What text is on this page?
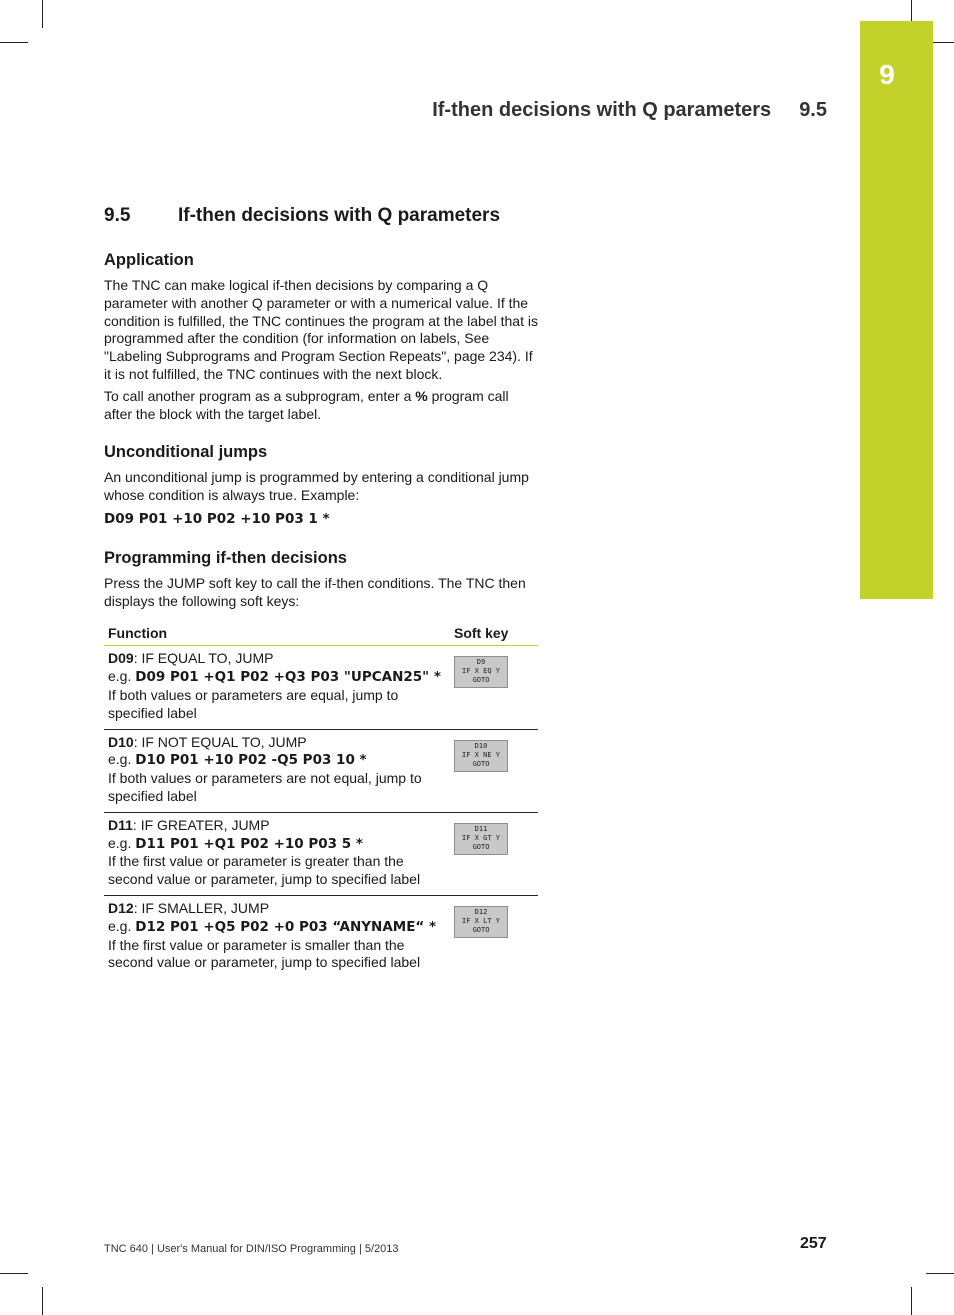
9
If-then decisions with Q parameters 9.5
9.5	If-then decisions with Q parameters
Application

The TNC can make logical if-then decisions by comparing a Q parameter with another Q parameter or with a numerical value. If the condition is fulfilled, the TNC continues the program at the label that is programmed after the condition (for information on labels, See "Labeling Subprograms and Program Section Repeats", page 234). If it is not fulfilled, the TNC continues with the next block.

To call another program as a subprogram, enter a % program call after the block with the target label.

Unconditional jumps

An unconditional jump is programmed by entering a conditional jump whose condition is always true. Example:

D09 P01 +10 P02 +10 P03 1 *

Programming if-then decisions

Press the JUMP soft key to call the if-then conditions. The TNC then displays the following soft keys:

Function	Soft key
D09: IF EQUAL TO, JUMP
e.g. D09 P01 +Q1 P02 +Q3 P03 "UPCAN25" *
If both values or parameters are equal, jump to specified label	D9
IF X EQ Y
GOTO

D10: IF NOT EQUAL TO, JUMP
e.g. D10 P01 +10 P02 -Q5 P03 10 *
If both values or parameters are not equal, jump to specified label	D10
IF X NE Y
GOTO

D11: IF GREATER, JUMP
e.g. D11 P01 +Q1 P02 +10 P03 5 *
If the first value or parameter is greater than the second value or parameter, jump to specified label	D11
IF X GT Y
GOTO

D12: IF SMALLER, JUMP
e.g. D12 P01 +Q5 P02 +0 P03 “ANYNAME“ *
If the first value or parameter is smaller than the second value or parameter, jump to specified label	D12
IF X LT Y
GOTO
TNC 640 | User's Manual for DIN/ISO Programming | 5/2013	257
